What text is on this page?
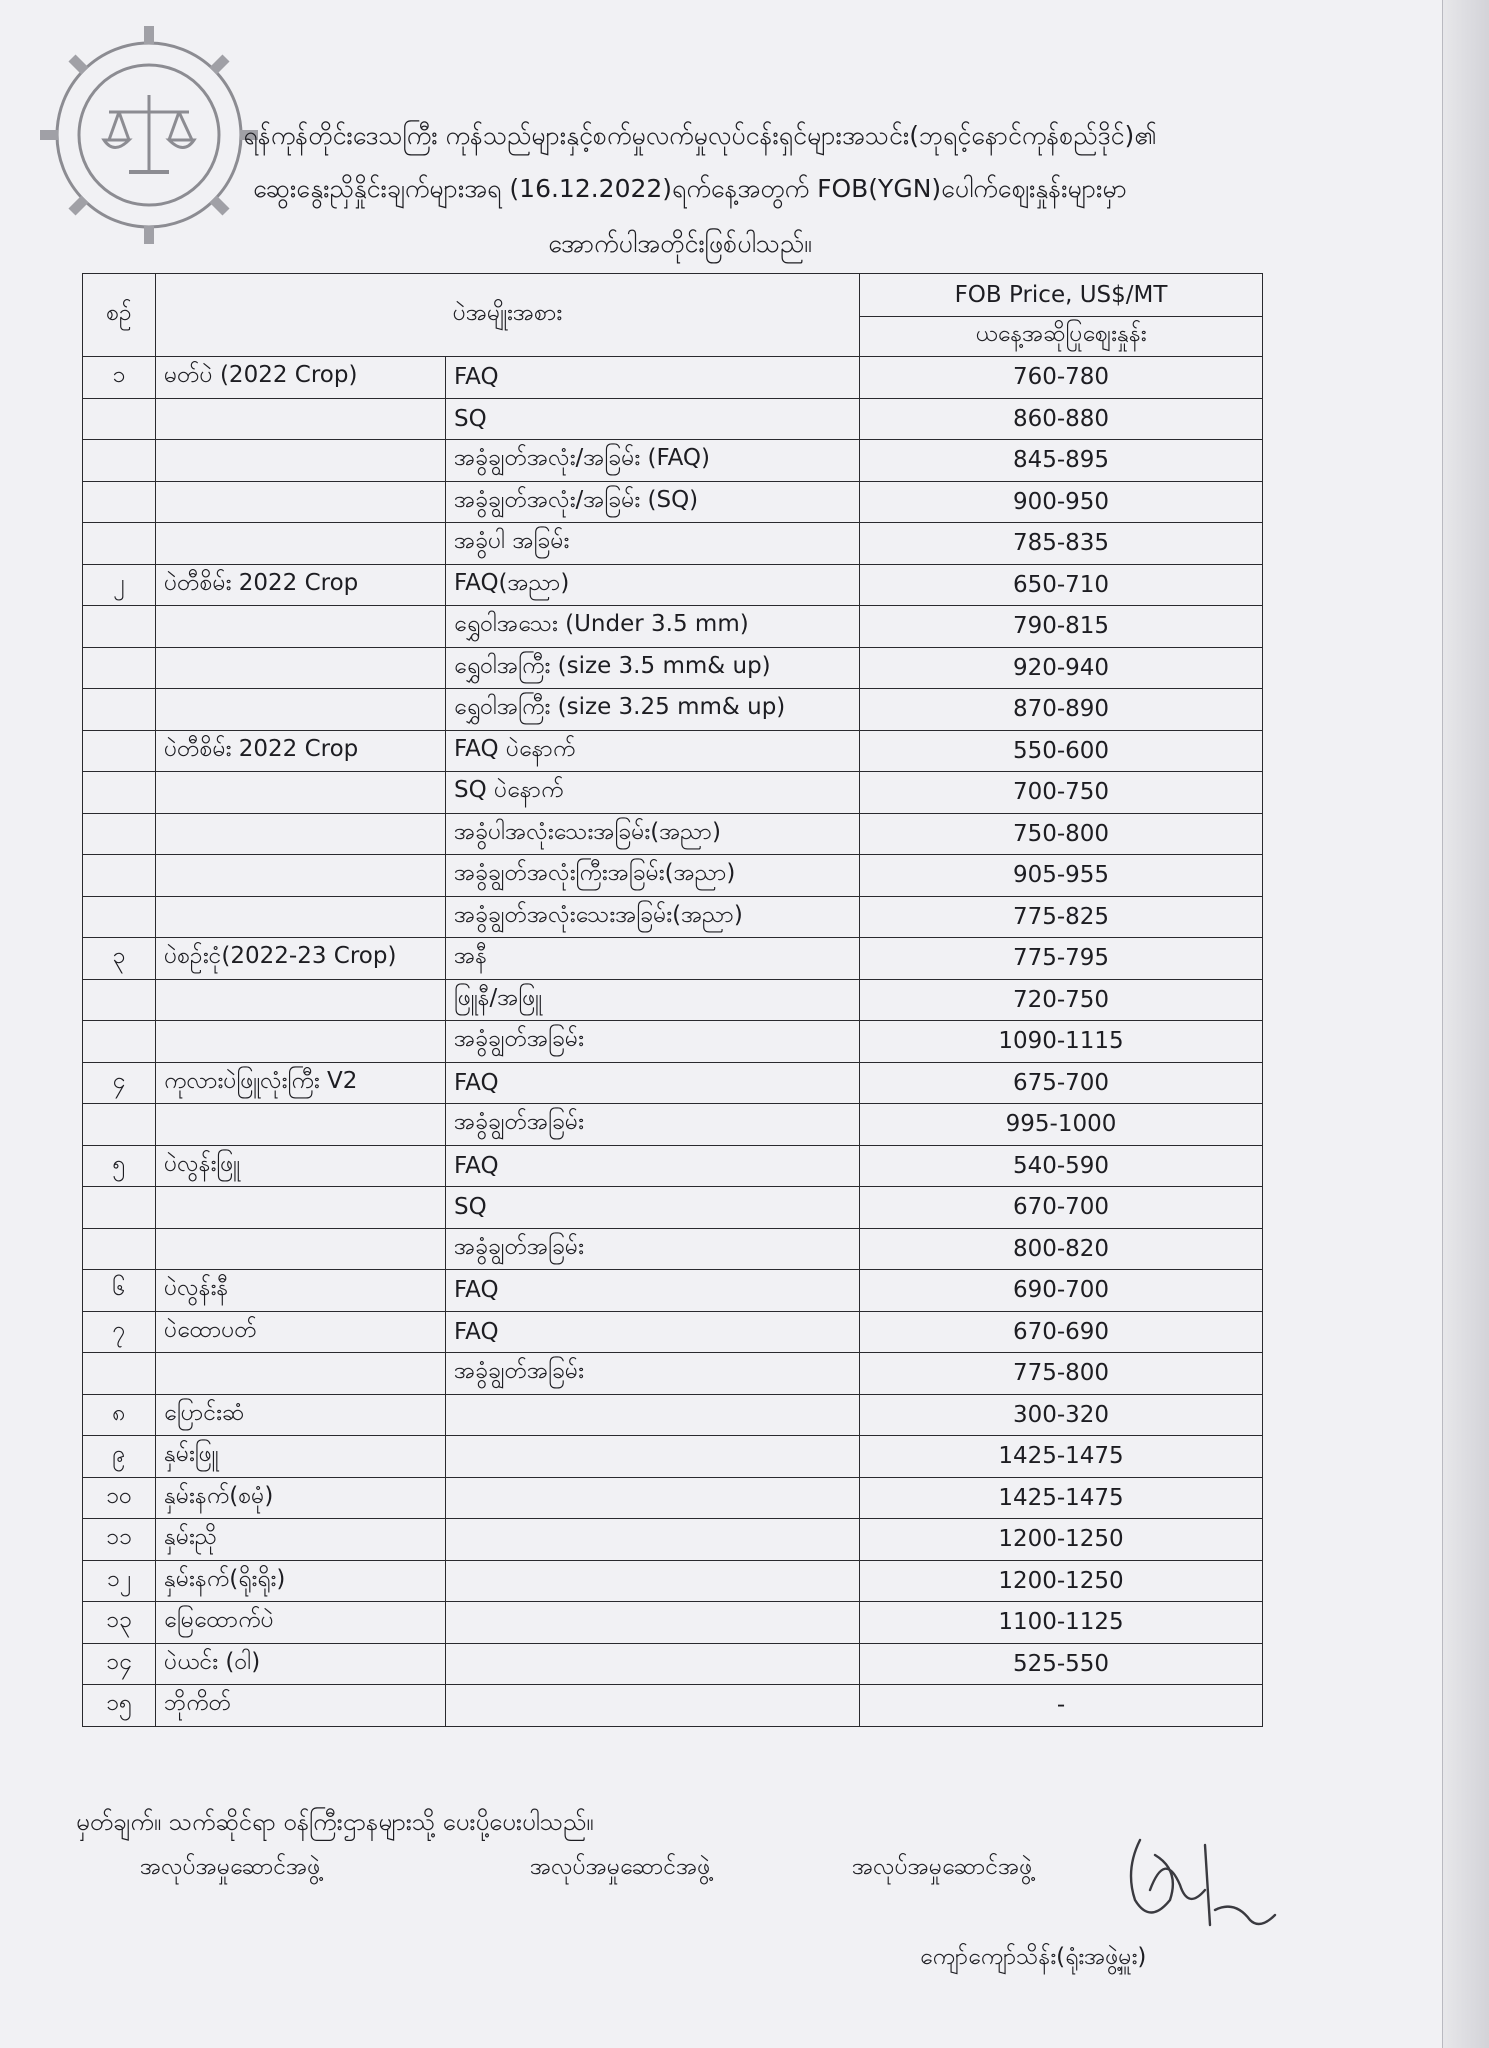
ရန်ကုန်တိုင်းဒေသကြီး ကုန်သည်များနှင့်စက်မှုလက်မှုလုပ်ငန်းရှင်များအသင်း(ဘုရင့်နောင်ကုန်စည်ဒိုင်)၏
ဆွေးနွေးညှိနှိုင်းချက်များအရ (16.12.2022)ရက်နေ့အတွက် FOB(YGN)ပေါက်ဈေးနှုန်းများမှာ
အောက်ပါအတိုင်းဖြစ်ပါသည်။
စဉ်	ပဲအမျိုးအစား		FOB Price, US$/MT
			ယနေ့အဆိုပြုဈေးနှုန်း
၁	မတ်ပဲ (2022 Crop)	FAQ	760-780
		SQ	860-880
		အခွံချွတ်အလုံး/အခြမ်း (FAQ)	845-895
		အခွံချွတ်အလုံး/အခြမ်း (SQ)	900-950
		အခွံပါ အခြမ်း	785-835
၂	ပဲတီစိမ်း 2022 Crop	FAQ(အညာ)	650-710
		ရွှေဝါအသေး (Under 3.5 mm)	790-815
		ရွှေဝါအကြီး (size 3.5 mm& up)	920-940
		ရွှေဝါအကြီး (size 3.25 mm& up)	870-890
	ပဲတီစိမ်း 2022 Crop	FAQ ပဲနောက်	550-600
		SQ ပဲနောက်	700-750
		အခွံပါအလုံးသေးအခြမ်း(အညာ)	750-800
		အခွံချွတ်အလုံးကြီးအခြမ်း(အညာ)	905-955
		အခွံချွတ်အလုံးသေးအခြမ်း(အညာ)	775-825
၃	ပဲစဉ်းငုံ(2022-23 Crop)	အနီ	775-795
		ဖြူနီ/အဖြူ	720-750
		အခွံချွတ်အခြမ်း	1090-1115
၄	ကုလားပဲဖြူလုံးကြီး V2	FAQ	675-700
		အခွံချွတ်အခြမ်း	995-1000
၅	ပဲလွန်းဖြူ	FAQ	540-590
		SQ	670-700
		အခွံချွတ်အခြမ်း	800-820
၆	ပဲလွန်းနီ	FAQ	690-700
၇	ပဲထောပတ်	FAQ	670-690
		အခွံချွတ်အခြမ်း	775-800
၈	ပြောင်းဆံ		300-320
၉	နှမ်းဖြူ		1425-1475
၁၀	နှမ်းနက်(စမုံ)		1425-1475
၁၁	နှမ်းညို		1200-1250
၁၂	နှမ်းနက်(ရိုးရိုး)		1200-1250
၁၃	မြေထောက်ပဲ		1100-1125
၁၄	ပဲယင်း (ဝါ)		525-550
၁၅	ဘိုကိတ်		-
မှတ်ချက်။ သက်ဆိုင်ရာ ဝန်ကြီးဌာနများသို့ ပေးပို့ပေးပါသည်။
အလုပ်အမှုဆောင်အဖွဲ့	အလုပ်အမှုဆောင်အဖွဲ့	အလုပ်အမှုဆောင်အဖွဲ့
ကျော်ကျော်သိန်း(ရုံးအဖွဲ့မှူး)
